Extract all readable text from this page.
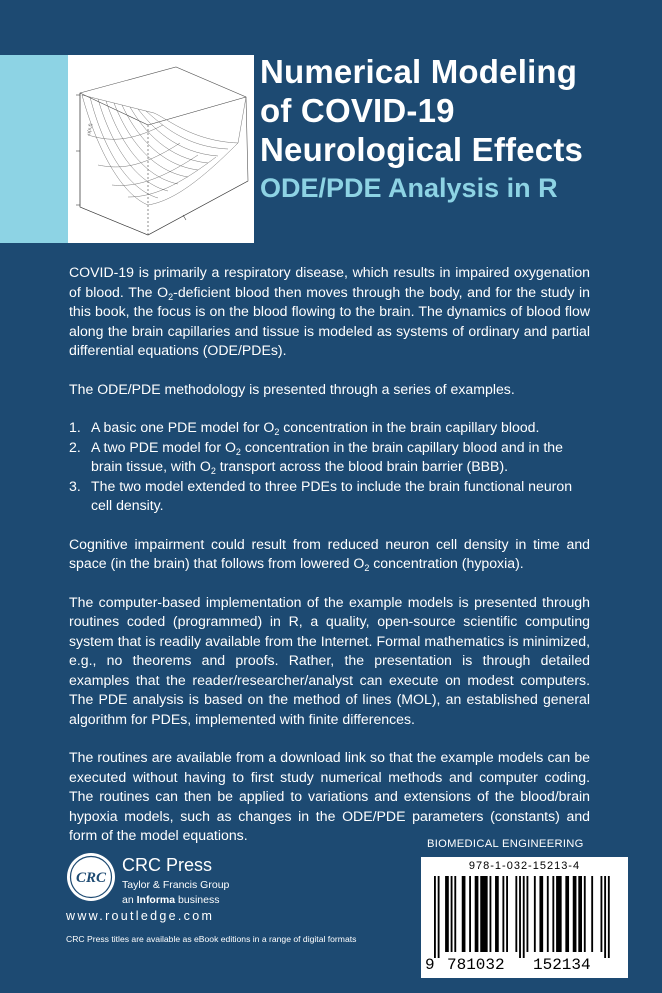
u(x,t)
Numerical Modeling
of COVID-19
Neurological Effects
ODE/PDE Analysis in R

COVID-19 is primarily a respiratory disease, which results in impaired oxygenation of blood. The $O_2$-deficient blood then moves through the body, and for the study in this book, the focus is on the blood flowing to the brain. The dynamics of blood flow along the brain capillaries and tissue is modeled as systems of ordinary and partial differential equations (ODE/PDEs).

The ODE/PDE methodology is presented through a series of examples.

1. A basic one PDE model for $O_2$ concentration in the brain capillary blood.
2. A two PDE model for $O_2$ concentration in the brain capillary blood and in the brain tissue, with $O_2$ transport across the blood brain barrier (BBB).
3. The two model extended to three PDEs to include the brain functional neuron cell density.

Cognitive impairment could result from reduced neuron cell density in time and space (in the brain) that follows from lowered $O_2$ concentration (hypoxia).

The computer-based implementation of the example models is presented through routines coded (programmed) in R, a quality, open-source scientific computing system that is readily available from the Internet. Formal mathematics is minimized, e.g., no theorems and proofs. Rather, the presentation is through detailed examples that the reader/researcher/analyst can execute on modest computers. The PDE analysis is based on the method of lines (MOL), an established general algorithm for PDEs, implemented with finite differences.

The routines are available from a download link so that the example models can be executed without having to first study numerical methods and computer coding. The routines can then be applied to variations and extensions of the blood/brain hypoxia models, such as changes in the ODE/PDE parameters (constants) and form of the model equations.

CRC
CRC Press
Taylor & Francis Group
an Informa business
www.routledge.com
CRC Press titles are available as eBook editions in a range of digital formats
BIOMEDICAL ENGINEERING
978-1-032-15213-4
9 781032 152134
